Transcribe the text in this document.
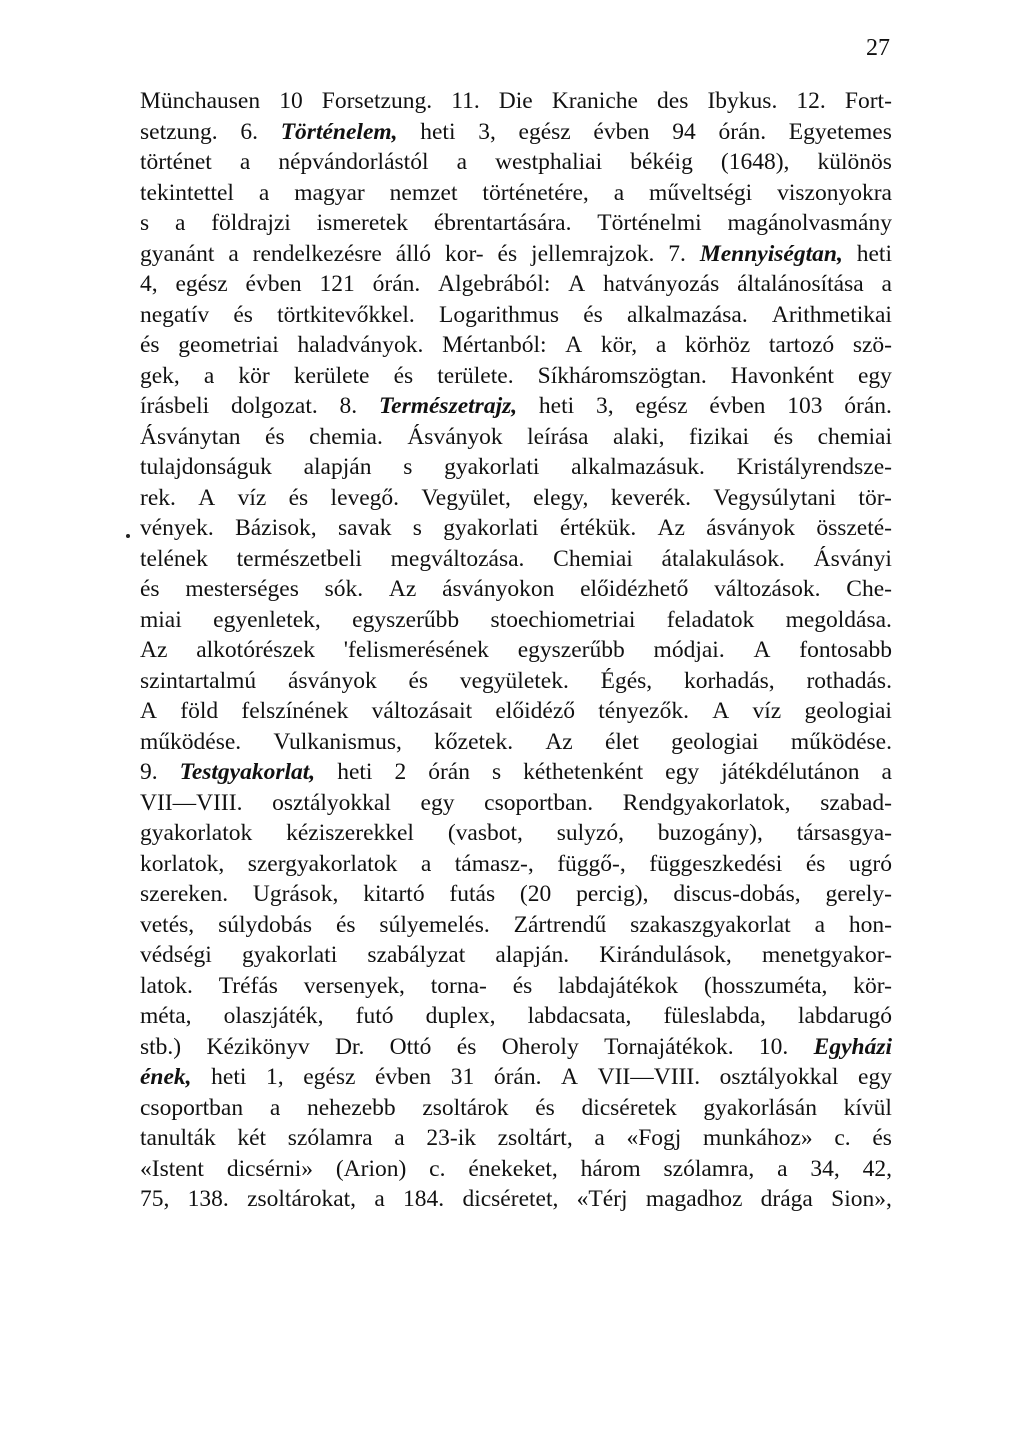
27
Münchausen 10 Forsetzung. 11. Die Kraniche des Ibykus. 12. Fort-
setzung. 6. Történelem, heti 3, egész évben 94 órán. Egyetemes
történet a népvándorlástól a westphaliai békéig (1648), különös
tekintettel a magyar nemzet történetére, a műveltségi viszonyokra
s a földrajzi ismeretek ébrentartására. Történelmi magánolvasmány
gyanánt a rendelkezésre álló kor- és jellemrajzok. 7. Mennyiségtan, heti
4, egész évben 121 órán. Algebrából: A hatványozás általánosítása a
negatív és törtkitevőkkel. Logarithmus és alkalmazása. Arithmetikai
és geometriai haladványok. Mértanból: A kör, a körhöz tartozó szö-
gek, a kör kerülete és területe. Síkháromszögtan. Havonként egy
írásbeli dolgozat. 8. Természetrajz, heti 3, egész évben 103 órán.
Ásványtan és chemia. Ásványok leírása alaki, fizikai és chemiai
tulajdonságuk alapján s gyakorlati alkalmazásuk. Kristályrendsze-
rek. A víz és levegő. Vegyület, elegy, keverék. Vegysúlytani tör-
vények. Bázisok, savak s gyakorlati értékük. Az ásványok összeté-
telének természetbeli megváltozása. Chemiai átalakulások. Ásványi
és mesterséges sók. Az ásványokon előidézhető változások. Che-
miai egyenletek, egyszerűbb stoechiometriai feladatok megoldása.
Az alkotórészek 'felismerésének egyszerűbb módjai. A fontosabb
szintartalmú ásványok és vegyületek. Égés, korhadás, rothadás.
A föld felszínének változásait előidéző tényezők. A víz geologiai
működése. Vulkanismus, kőzetek. Az élet geologiai működése.
9. Testgyakorlat, heti 2 órán s kéthetenként egy játékdélutánon a
VII—VIII. osztályokkal egy csoportban. Rendgyakorlatok, szabad-
gyakorlatok kéziszerekkel (vasbot, sulyzó, buzogány), társasgya-
korlatok, szergyakorlatok a támasz-, függő-, függeszkedési és ugró
szereken. Ugrások, kitartó futás (20 percig), discus-dobás, gerely-
vetés, súlydobás és súlyemelés. Zártrendű szakaszgyakorlat a hon-
védségi gyakorlati szabályzat alapján. Kirándulások, menetgyakor-
latok. Tréfás versenyek, torna- és labdajátékok (hosszuméta, kör-
méta, olaszjáték, futó duplex, labdacsata, füleslabda, labdarugó
stb.) Kézikönyv Dr. Ottó és Oheroly Tornajátékok. 10. Egyházi
ének, heti 1, egész évben 31 órán. A VII—VIII. osztályokkal egy
csoportban a nehezebb zsoltárok és dicséretek gyakorlásán kívül
tanulták két szólamra a 23-ik zsoltárt, a «Fogj munkához» c. és
«Istent dicsérni» (Arion) c. énekeket, három szólamra, a 34, 42,
75, 138. zsoltárokat, a 184. dicséretet, «Térj magadhoz drága Sion»,
